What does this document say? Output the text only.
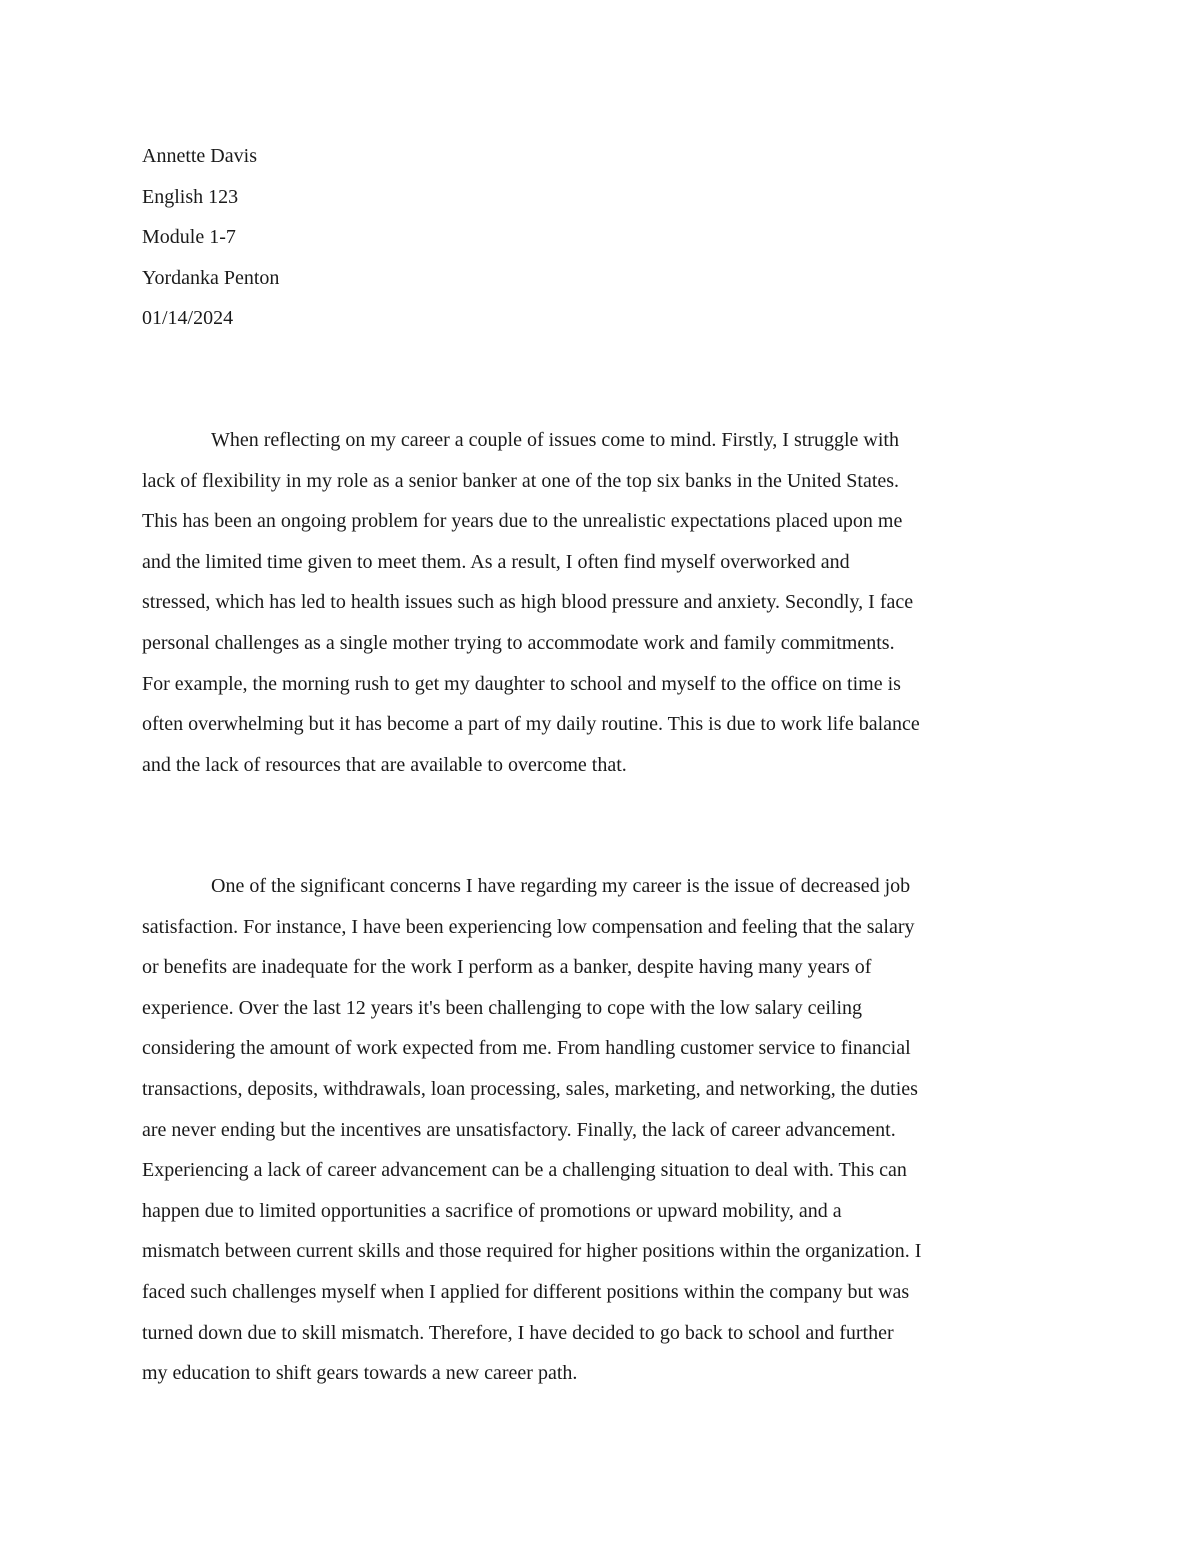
Annette Davis
English 123
Module 1-7
Yordanka Penton
01/14/2024
When reflecting on my career a couple of issues come to mind. Firstly, I struggle with
lack of flexibility in my role as a senior banker at one of the top six banks in the United States.
This has been an ongoing problem for years due to the unrealistic expectations placed upon me
and the limited time given to meet them. As a result, I often find myself overworked and
stressed, which has led to health issues such as high blood pressure and anxiety. Secondly, I face
personal challenges as a single mother trying to accommodate work and family commitments.
For example, the morning rush to get my daughter to school and myself to the office on time is
often overwhelming but it has become a part of my daily routine. This is due to work life balance
and the lack of resources that are available to overcome that.
One of the significant concerns I have regarding my career is the issue of decreased job
satisfaction. For instance, I have been experiencing low compensation and feeling that the salary
or benefits are inadequate for the work I perform as a banker, despite having many years of
experience. Over the last 12 years it's been challenging to cope with the low salary ceiling
considering the amount of work expected from me. From handling customer service to financial
transactions, deposits, withdrawals, loan processing, sales, marketing, and networking, the duties
are never ending but the incentives are unsatisfactory. Finally, the lack of career advancement.
Experiencing a lack of career advancement can be a challenging situation to deal with. This can
happen due to limited opportunities a sacrifice of promotions or upward mobility, and a
mismatch between current skills and those required for higher positions within the organization. I
faced such challenges myself when I applied for different positions within the company but was
turned down due to skill mismatch. Therefore, I have decided to go back to school and further
my education to shift gears towards a new career path.
